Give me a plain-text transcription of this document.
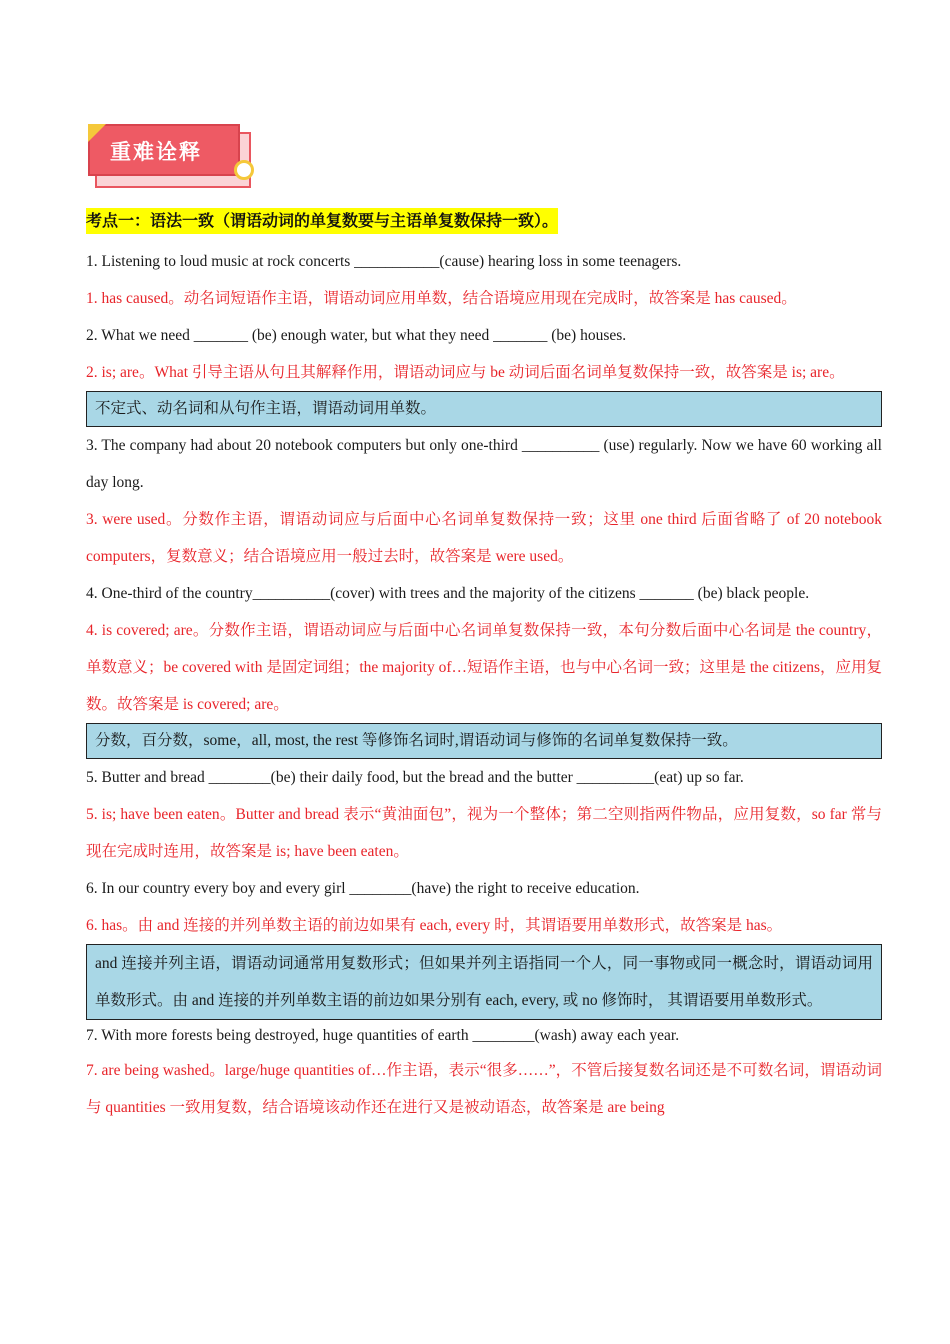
重难诠释
考点一：语法一致（谓语动词的单复数要与主语单复数保持一致）。

1. Listening to loud music at rock concerts ___________(cause) hearing loss in some teenagers.

1. has caused。动名词短语作主语，谓语动词应用单数，结合语境应用现在完成时，故答案是 has caused。

2. What we need _______ (be) enough water, but what they need _______ (be) houses.

2. is; are。What 引导主语从句且其解释作用，谓语动词应与 be 动词后面名词单复数保持一致，故答案是 is; are。

不定式、动名词和从句作主语，谓语动词用单数。

3. The company had about 20 notebook computers but only one-third __________ (use) regularly. Now we have 60 working all day long.

3. were used。分数作主语，谓语动词应与后面中心名词单复数保持一致；这里 one third 后面省略了 of 20 notebook computers，复数意义；结合语境应用一般过去时，故答案是 were used。

4. One-third of the country__________(cover) with trees and the majority of the citizens _______ (be) black people.

4. is covered; are。分数作主语，谓语动词应与后面中心名词单复数保持一致，本句分数后面中心名词是 the country，单数意义；be covered with 是固定词组；the majority of…短语作主语，也与中心名词一致；这里是 the citizens，应用复数。故答案是 is covered; are。

分数，百分数，some，all, most, the rest 等修饰名词时,谓语动词与修饰的名词单复数保持一致。

5. Butter and bread ________(be) their daily food, but the bread and the butter __________(eat) up so far.

5. is; have been eaten。Butter and bread 表示“黄油面包”，视为一个整体；第二空则指两件物品，应用复数，so far 常与现在完成时连用，故答案是 is; have been eaten。

6. In our country every boy and every girl ________(have) the right to receive education.

6. has。由 and 连接的并列单数主语的前边如果有 each, every 时，其谓语要用单数形式，故答案是 has。

and 连接并列主语，谓语动词通常用复数形式；但如果并列主语指同一个人，同一事物或同一概念时，谓语动词用单数形式。由 and 连接的并列单数主语的前边如果分别有 each, every, 或 no 修饰时， 其谓语要用单数形式。

7. With more forests being destroyed, huge quantities of earth ________(wash) away each year.

7. are being washed。large/huge quantities of…作主语，表示“很多……”，不管后接复数名词还是不可数名词，谓语动词与 quantities 一致用复数，结合语境该动作还在进行又是被动语态，故答案是 are being
